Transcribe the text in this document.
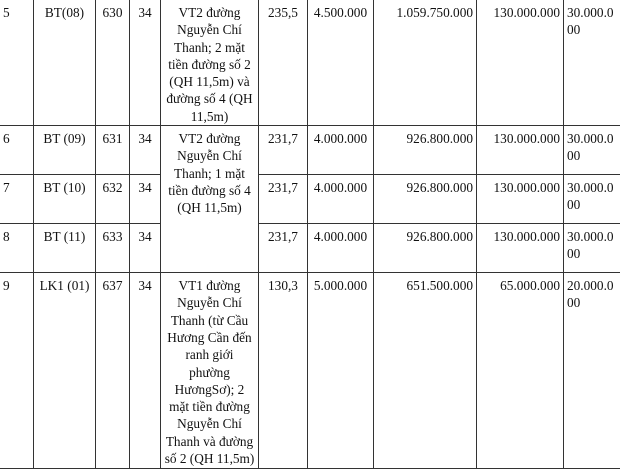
5	BT(08)	630	34	VT2 đường Nguyễn Chí Thanh; 2 mặt tiền đường số 2 (QH 11,5m) và đường số 4 (QH 11,5m)	235,5	4.500.000	1.059.750.000	130.000.000	30.000.000
6	BT (09)	631	34	VT2 đường Nguyễn Chí Thanh; 1 mặt tiền đường số 4 (QH 11,5m)	231,7	4.000.000	926.800.000	130.000.000	30.000.000
7	BT (10)	632	34		231,7	4.000.000	926.800.000	130.000.000	30.000.000
8	BT (11)	633	34		231,7	4.000.000	926.800.000	130.000.000	30.000.000
9	LK1 (01)	637	34	VT1 đường Nguyễn Chí Thanh (từ Cầu Hương Cần đến ranh giới phường HươngSơ); 2 mặt tiền đường Nguyễn Chí Thanh và đường số 2 (QH 11,5m)	130,3	5.000.000	651.500.000	65.000.000	20.000.000
